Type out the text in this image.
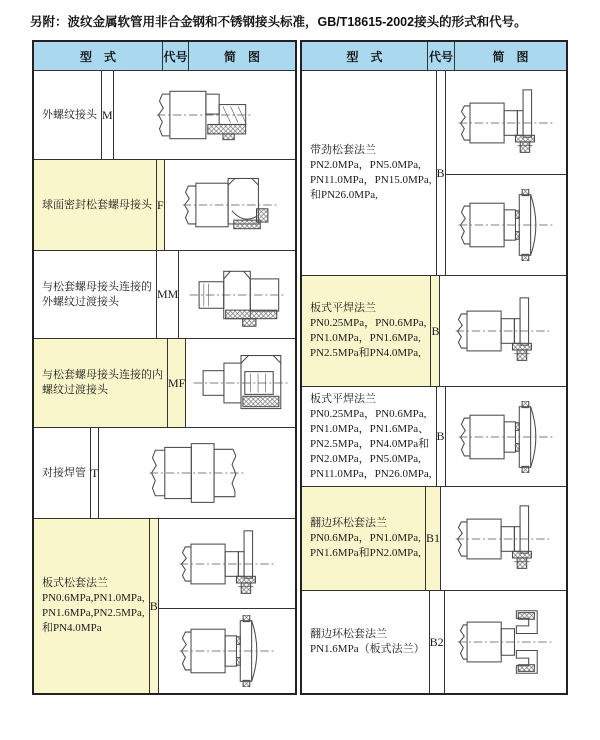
另附：波纹金属软管用非合金钢和不锈钢接头标准，GB/T18615-2002接头的形式和代号。
型　式	代号	简　图
外螺纹接头 M
球面密封松套螺母接头 F
与松套螺母接头连接的
外螺纹过渡接头
MM
与松套螺母接头连接的内
螺纹过渡接头
MF
对接焊管 T
板式松套法兰
PN0.6MPa,PN1.0MPa,
PN1.6MPa,PN2.5MPa,
和PN4.0MPa
B
型　式	代号	简　图
带劲松套法兰
PN2.0MPa，PN5.0MPa,
PN11.0MPa，PN15.0MPa,
和PN26.0MPa,
B
板式平焊法兰
PN0.25MPa，PN0.6MPa,
PN1.0MPa，PN1.6MPa,
PN2.5MPa和PN4.0MPa,
B
板式平焊法兰
PN0.25MPa，PN0.6MPa,
PN1.0MPa，PN1.6MPa、
PN2.5MPa，PN4.0MPa和
PN2.0MPa，PN5.0MPa,
PN11.0MPa，PN26.0MPa,
B
翻边环松套法兰
PN0.6MPa，PN1.0MPa,
PN1.6MPa和PN2.0MPa,
B1
翻边环松套法兰
PN1.6MPa（板式法兰）
B2
